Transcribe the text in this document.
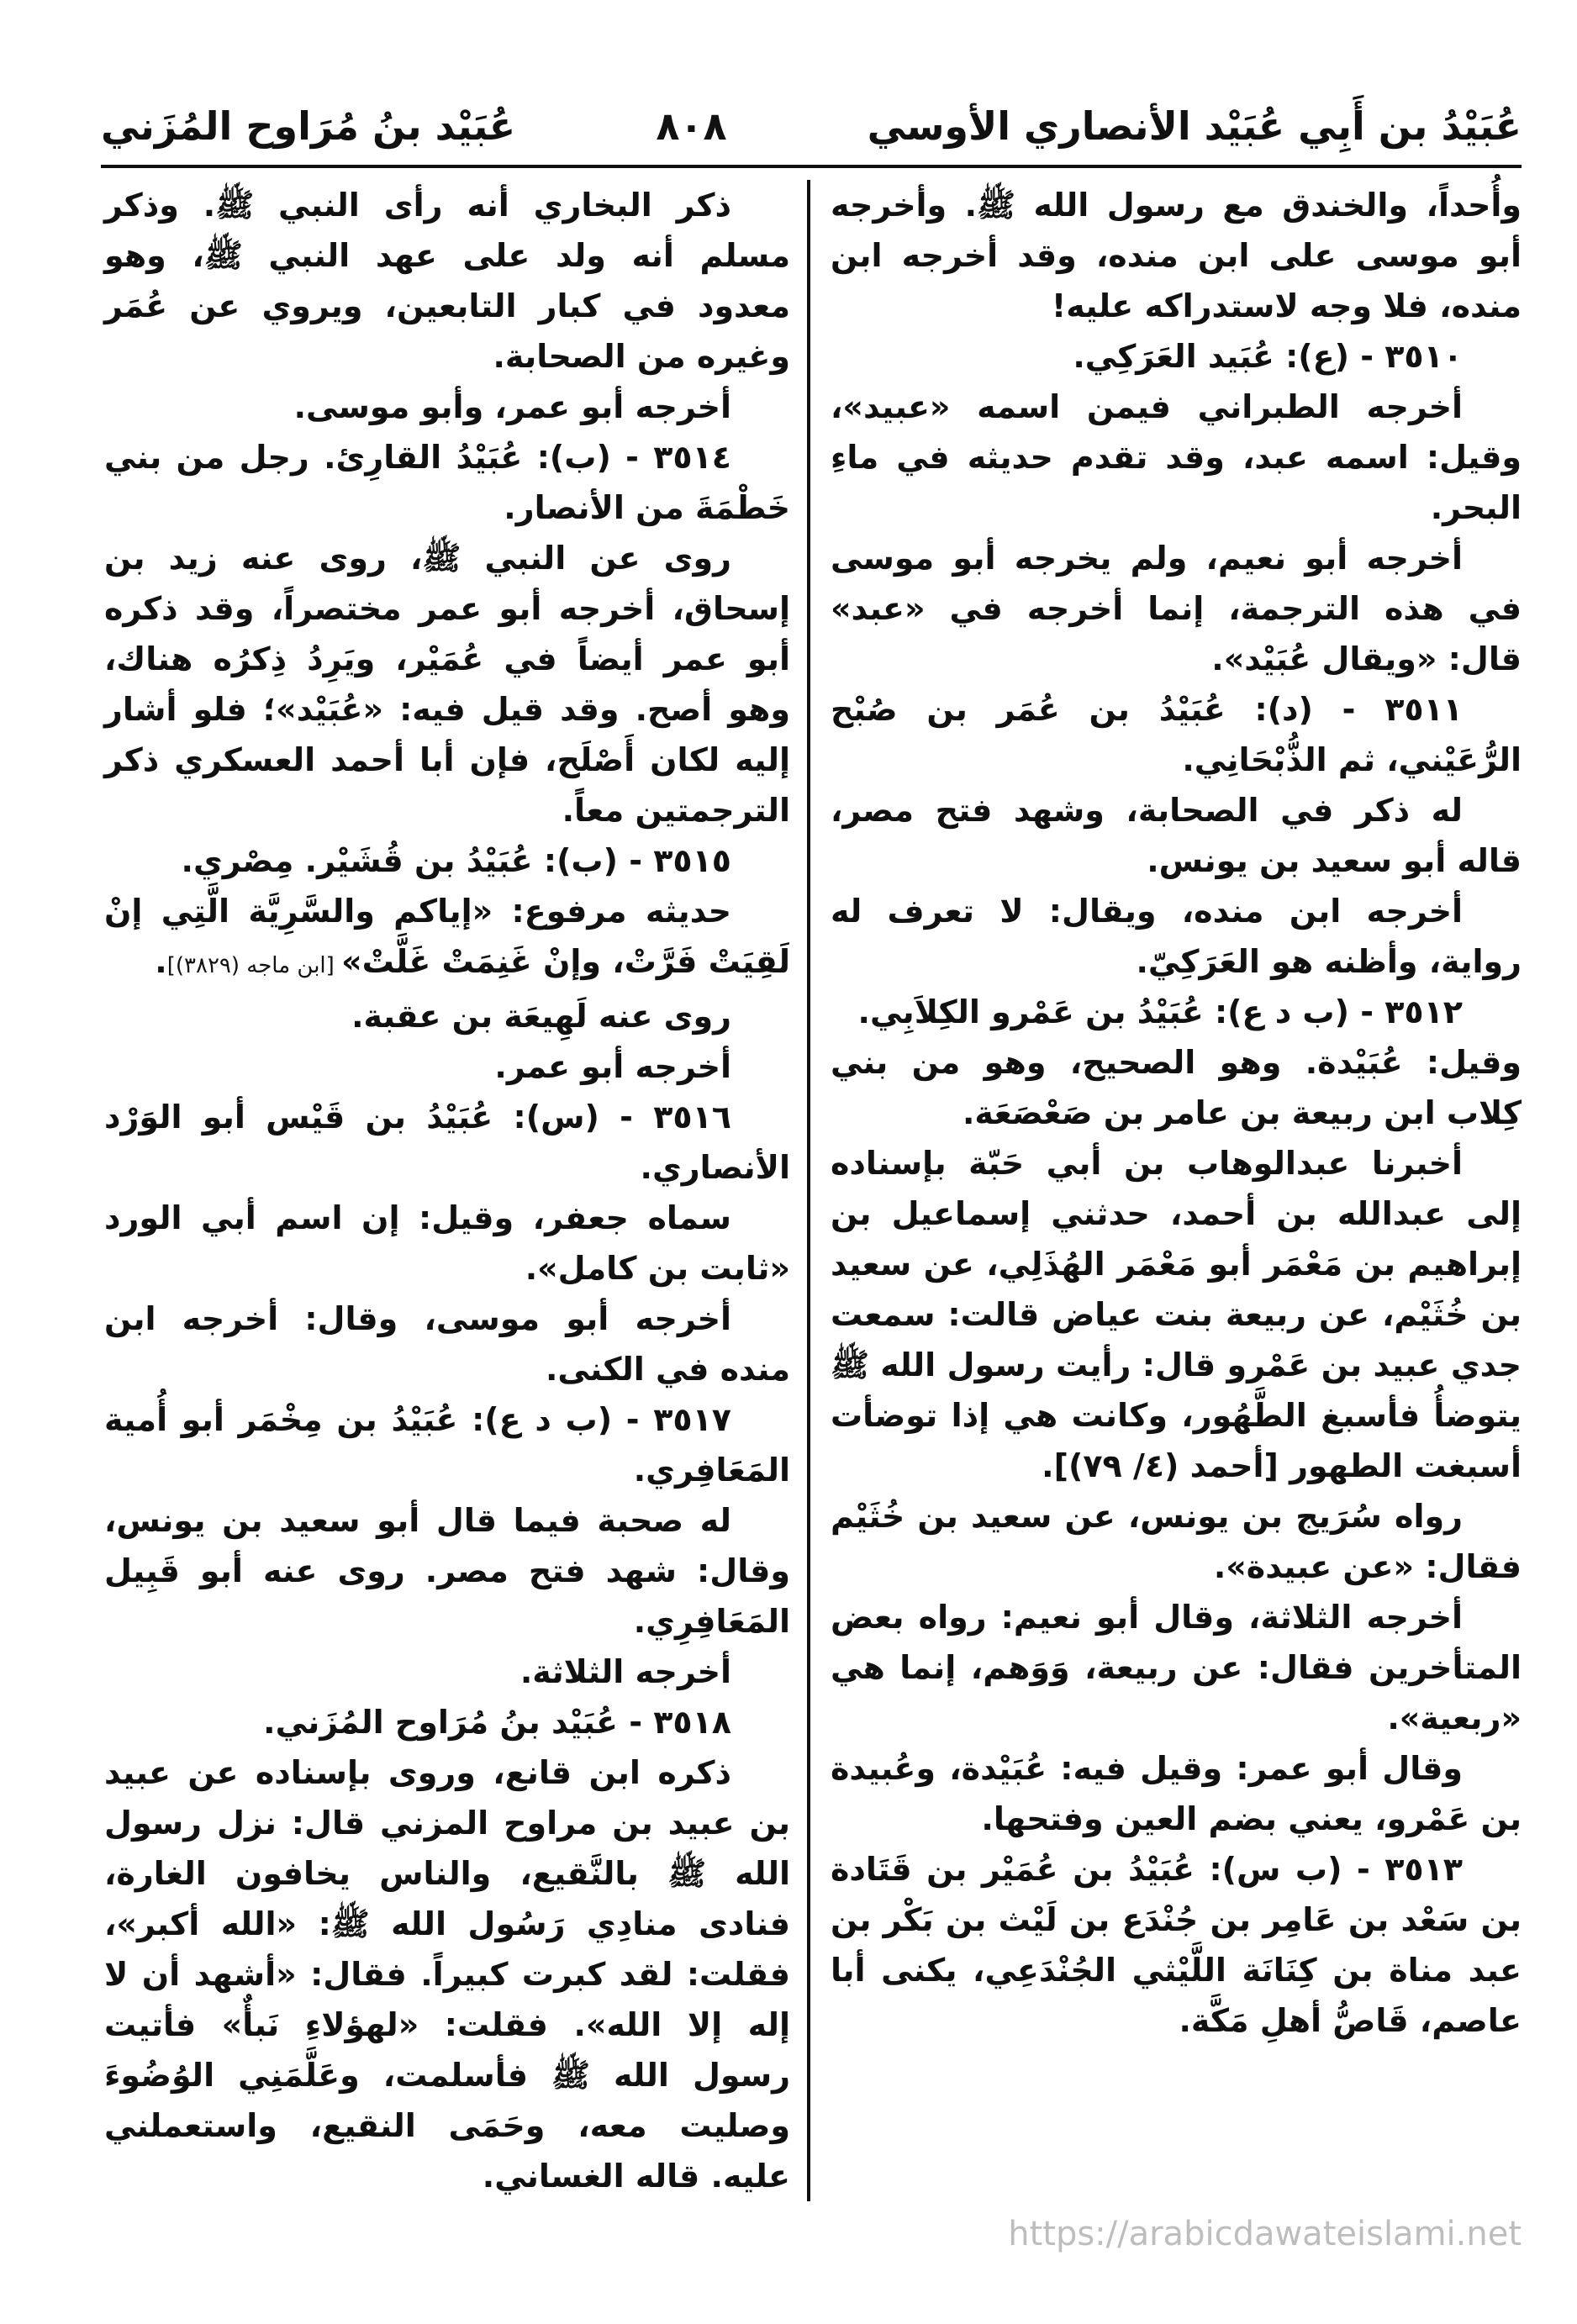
عُبَيْدُ بن أَبِي عُبَيْد الأنصاري الأوسي
٨٠٨
عُبَيْد بنُ مُرَاوح المُزَني

وأُحداً، والخندق مع رسول الله ﷺ. وأخرجه أبو موسى على ابن منده، وقد أخرجه ابن منده، فلا وجه لاستدراكه عليه!

٣٥١٠ - (ع): عُبَيد العَرَكِي.

أخرجه الطبراني فيمن اسمه «عبيد»، وقيل: اسمه عبد، وقد تقدم حديثه في ماءِ البحر.

أخرجه أبو نعيم، ولم يخرجه أبو موسى في هذه الترجمة، إنما أخرجه في «عبد» قال: «ويقال عُبَيْد».

٣٥١١ - (د): عُبَيْدُ بن عُمَر بن صُبْح الرُّعَيْني، ثم الذُّبْحَانِي.

له ذكر في الصحابة، وشهد فتح مصر، قاله أبو سعيد بن يونس.

أخرجه ابن منده، ويقال: لا تعرف له رواية، وأظنه هو العَرَكِيّ.

٣٥١٢ - (ب د ع): عُبَيْدُ بن عَمْرو الكِلاَبِي.

وقيل: عُبَيْدة. وهو الصحيح، وهو من بني كِلاب ابن ربيعة بن عامر بن صَعْصَعَة.

أخبرنا عبدالوهاب بن أبي حَبّة بإسناده إلى عبدالله بن أحمد، حدثني إسماعيل بن إبراهيم بن مَعْمَر أبو مَعْمَر الهُذَلِي، عن سعيد بن خُثَيْم، عن ربيعة بنت عياض قالت: سمعت جدي عبيد بن عَمْرو قال: رأيت رسول الله ﷺ يتوضأُ فأسبغ الطَّهُور، وكانت هي إذا توضأت أسبغت الطهور [أحمد (٤/ ٧٩)].

رواه سُرَيج بن يونس، عن سعيد بن خُثَيْم فقال: «عن عبيدة».

أخرجه الثلاثة، وقال أبو نعيم: رواه بعض المتأخرين فقال: عن ربيعة، وَوَهم، إنما هي «ربعية».

وقال أبو عمر: وقيل فيه: عُبَيْدة، وعُبيدة بن عَمْرو، يعني بضم العين وفتحها.

٣٥١٣ - (ب س): عُبَيْدُ بن عُمَيْر بن قَتَادة بن سَعْد بن عَامِر بن جُنْدَع بن لَيْث بن بَكْر بن عبد مناة بن كِنَانَة اللَّيْثي الجُنْدَعِي، يكنى أبا عاصم، قَاصُّ أهلِ مَكَّة.

ذكر البخاري أنه رأى النبي ﷺ. وذكر مسلم أنه ولد على عهد النبي ﷺ، وهو معدود في كبار التابعين، ويروي عن عُمَر وغيره من الصحابة.

أخرجه أبو عمر، وأبو موسى.

٣٥١٤ - (ب): عُبَيْدُ القارِئ. رجل من بني خَطْمَةَ من الأنصار.

روى عن النبي ﷺ، روى عنه زيد بن إسحاق، أخرجه أبو عمر مختصراً، وقد ذكره أبو عمر أيضاً في عُمَيْر، ويَرِدُ ذِكرُه هناك، وهو أصح. وقد قيل فيه: «عُبَيْد»؛ فلو أشار إليه لكان أَصْلَح، فإن أبا أحمد العسكري ذكر الترجمتين معاً.

٣٥١٥ - (ب): عُبَيْدُ بن قُشَيْر. مِصْري.

حديثه مرفوع: «إياكم والسَّرِيَّة الَّتِي إنْ لَقِيَتْ فَرَّتْ، وإنْ غَنِمَتْ غَلَّتْ» [ابن ماجه (٣٨٢٩)].

روى عنه لَهِيعَة بن عقبة.

أخرجه أبو عمر.

٣٥١٦ - (س): عُبَيْدُ بن قَيْس أبو الوَرْد الأنصاري.

سماه جعفر، وقيل: إن اسم أبي الورد «ثابت بن كامل».

أخرجه أبو موسى، وقال: أخرجه ابن منده في الكنى.

٣٥١٧ - (ب د ع): عُبَيْدُ بن مِخْمَر أبو أُمية المَعَافِري.

له صحبة فيما قال أبو سعيد بن يونس، وقال: شهد فتح مصر. روى عنه أبو قَبِيل المَعَافِرِي.

أخرجه الثلاثة.

٣٥١٨ - عُبَيْد بنُ مُرَاوح المُزَني.

ذكره ابن قانع، وروى بإسناده عن عبيد بن عبيد بن مراوح المزني قال: نزل رسول الله ﷺ بالنَّقيع، والناس يخافون الغارة، فنادى منادِي رَسُول الله ﷺ: «الله أكبر»، فقلت: لقد كبرت كبيراً. فقال: «أشهد أن لا إله إلا الله». فقلت: «لهؤلاءِ نَبأٌ» فأتيت رسول الله ﷺ فأسلمت، وعَلَّمَنِي الوُضُوءَ وصليت معه، وحَمَى النقيع، واستعملني عليه. قاله الغساني.

https://arabicdawateislami.net
